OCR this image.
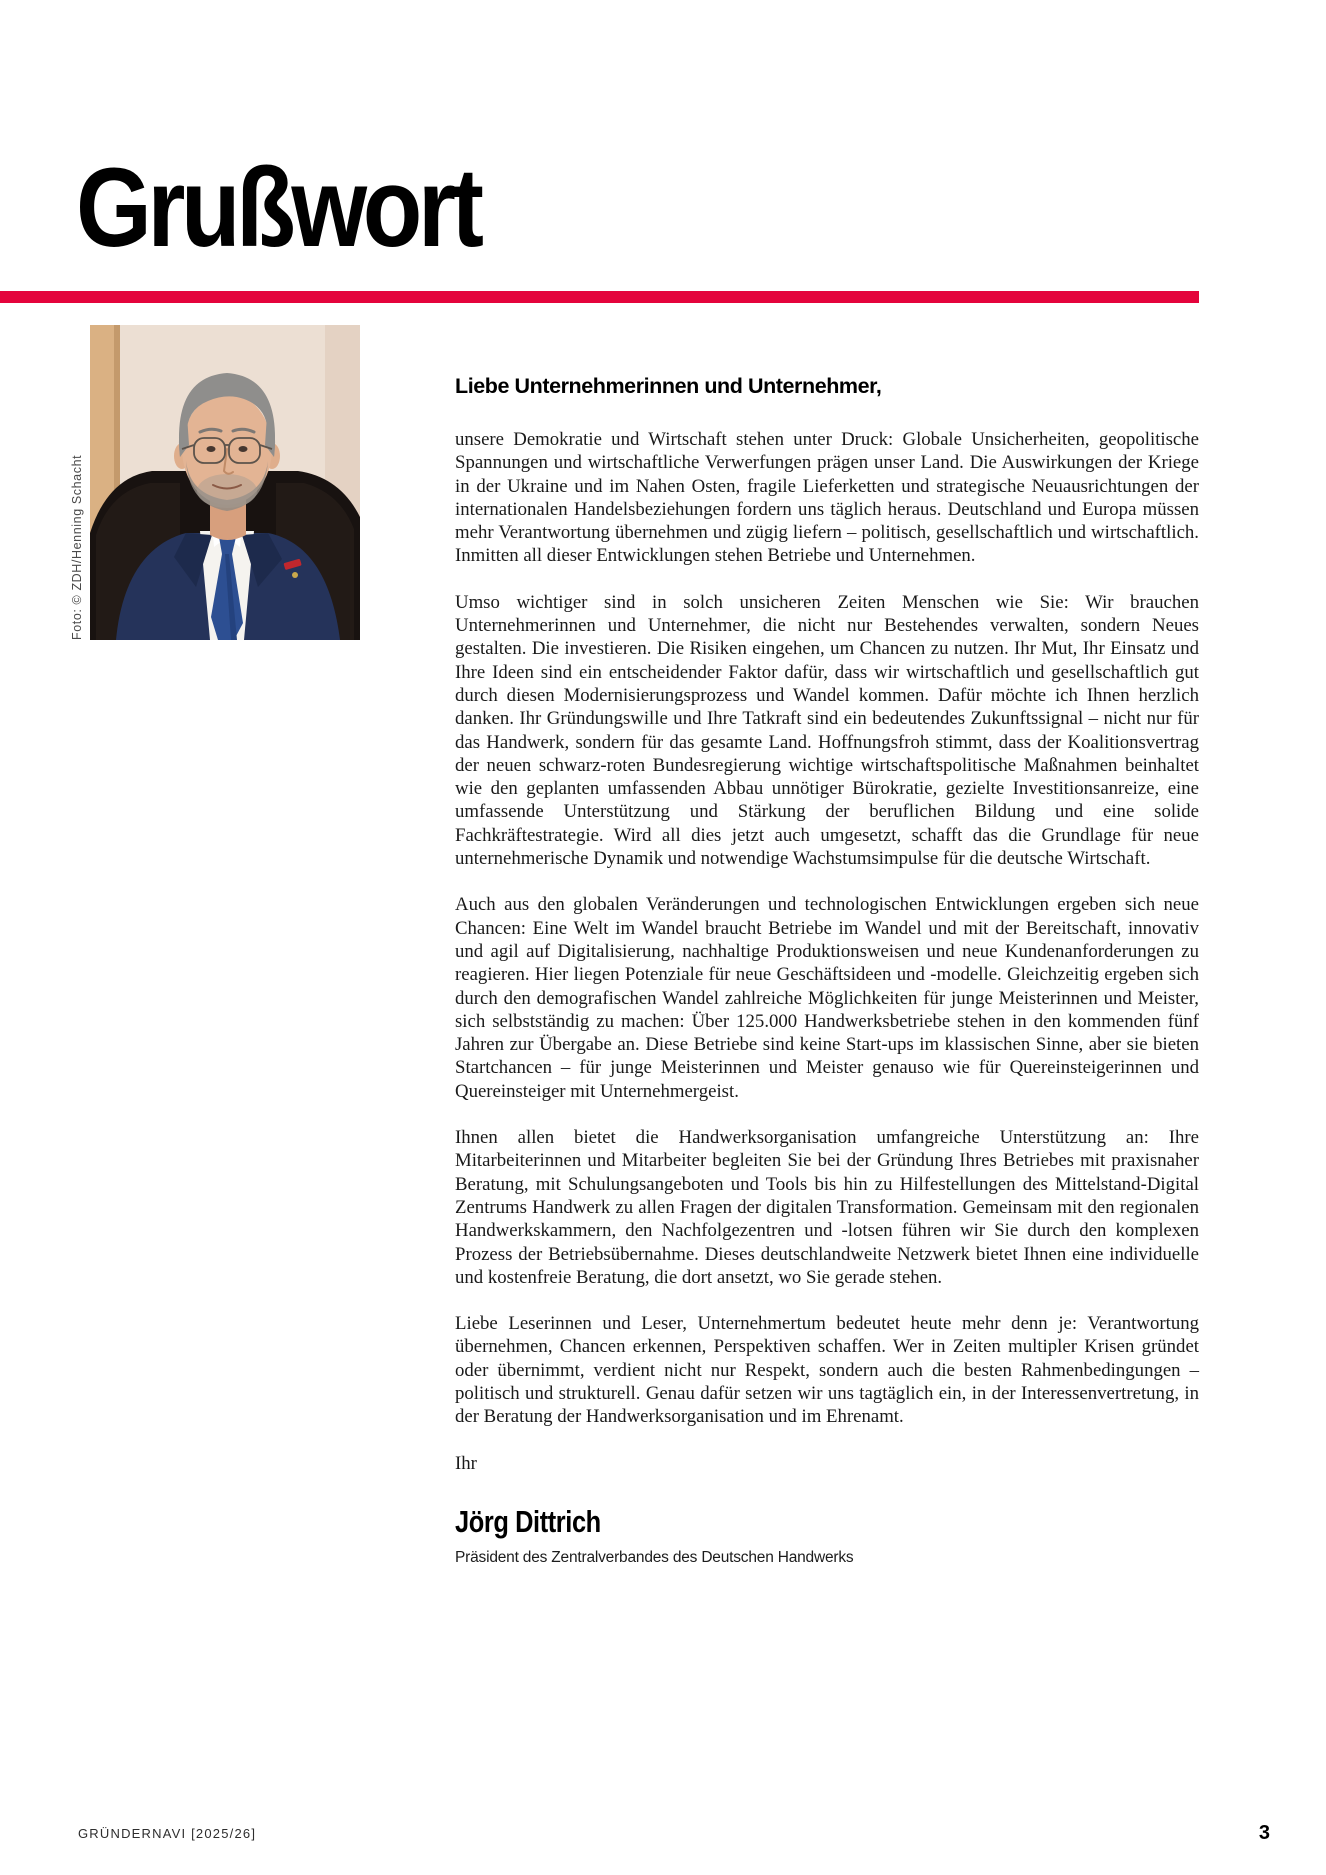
Grußwort
Foto: © ZDH/Henning Schacht
Liebe Unternehmerinnen und Unternehmer,

unsere Demokratie und Wirtschaft stehen unter Druck: Globale Unsicherheiten, geopolitische Spannungen und wirtschaftliche Verwerfungen prägen unser Land. Die Auswirkungen der Kriege in der Ukraine und im Nahen Osten, fragile Lieferketten und strategische Neuausrichtungen der internationalen Handelsbeziehungen fordern uns täglich heraus. Deutschland und Europa müssen mehr Verantwortung übernehmen und zügig liefern – politisch, gesellschaftlich und wirtschaftlich. Inmitten all dieser Entwicklungen stehen Betriebe und Unternehmen.

Umso wichtiger sind in solch unsicheren Zeiten Menschen wie Sie: Wir brauchen Unternehmerinnen und Unternehmer, die nicht nur Bestehendes verwalten, sondern Neues gestalten. Die investieren. Die Risiken eingehen, um Chancen zu nutzen. Ihr Mut, Ihr Einsatz und Ihre Ideen sind ein entscheidender Faktor dafür, dass wir wirtschaftlich und gesellschaftlich gut durch diesen Modernisierungsprozess und Wandel kommen. Dafür möchte ich Ihnen herzlich danken. Ihr Gründungswille und Ihre Tatkraft sind ein bedeutendes Zukunftssignal – nicht nur für das Handwerk, sondern für das gesamte Land. Hoffnungsfroh stimmt, dass der Koalitionsvertrag der neuen schwarz-roten Bundesregierung wichtige wirtschaftspolitische Maßnahmen beinhaltet wie den geplanten umfassenden Abbau unnötiger Bürokratie, gezielte Investitionsanreize, eine umfassende Unterstützung und Stärkung der beruflichen Bildung und eine solide Fachkräftestrategie. Wird all dies jetzt auch umgesetzt, schafft das die Grundlage für neue unternehmerische Dynamik und notwendige Wachstumsimpulse für die deutsche Wirtschaft.

Auch aus den globalen Veränderungen und technologischen Entwicklungen ergeben sich neue Chancen: Eine Welt im Wandel braucht Betriebe im Wandel und mit der Bereitschaft, innovativ und agil auf Digitalisierung, nachhaltige Produktionsweisen und neue Kundenanforderungen zu reagieren. Hier liegen Potenziale für neue Geschäftsideen und -modelle. Gleichzeitig ergeben sich durch den demografischen Wandel zahlreiche Möglichkeiten für junge Meisterinnen und Meister, sich selbstständig zu machen: Über 125.000 Handwerksbetriebe stehen in den kommenden fünf Jahren zur Übergabe an. Diese Betriebe sind keine Start-ups im klassischen Sinne, aber sie bieten Startchancen – für junge Meisterinnen und Meister genauso wie für Quereinsteigerinnen und Quereinsteiger mit Unternehmergeist.

Ihnen allen bietet die Handwerksorganisation umfangreiche Unterstützung an: Ihre Mitarbeiterinnen und Mitarbeiter begleiten Sie bei der Gründung Ihres Betriebes mit praxisnaher Beratung, mit Schulungsangeboten und Tools bis hin zu Hilfestellungen des Mittelstand-Digital Zentrums Handwerk zu allen Fragen der digitalen Transformation. Gemeinsam mit den regionalen Handwerkskammern, den Nachfolgezentren und -lotsen führen wir Sie durch den komplexen Prozess der Betriebsübernahme. Dieses deutschlandweite Netzwerk bietet Ihnen eine individuelle und kostenfreie Beratung, die dort ansetzt, wo Sie gerade stehen.

Liebe Leserinnen und Leser, Unternehmertum bedeutet heute mehr denn je: Verantwortung übernehmen, Chancen erkennen, Perspektiven schaffen. Wer in Zeiten multipler Krisen gründet oder übernimmt, verdient nicht nur Respekt, sondern auch die besten Rahmenbedingungen – politisch und strukturell. Genau dafür setzen wir uns tagtäglich ein, in der Interessenvertretung, in der Beratung der Handwerksorganisation und im Ehrenamt.

Ihr

Jörg Dittrich
Präsident des Zentralverbandes des Deutschen Handwerks
GRÜNDERNAVI [2025/26]	3
